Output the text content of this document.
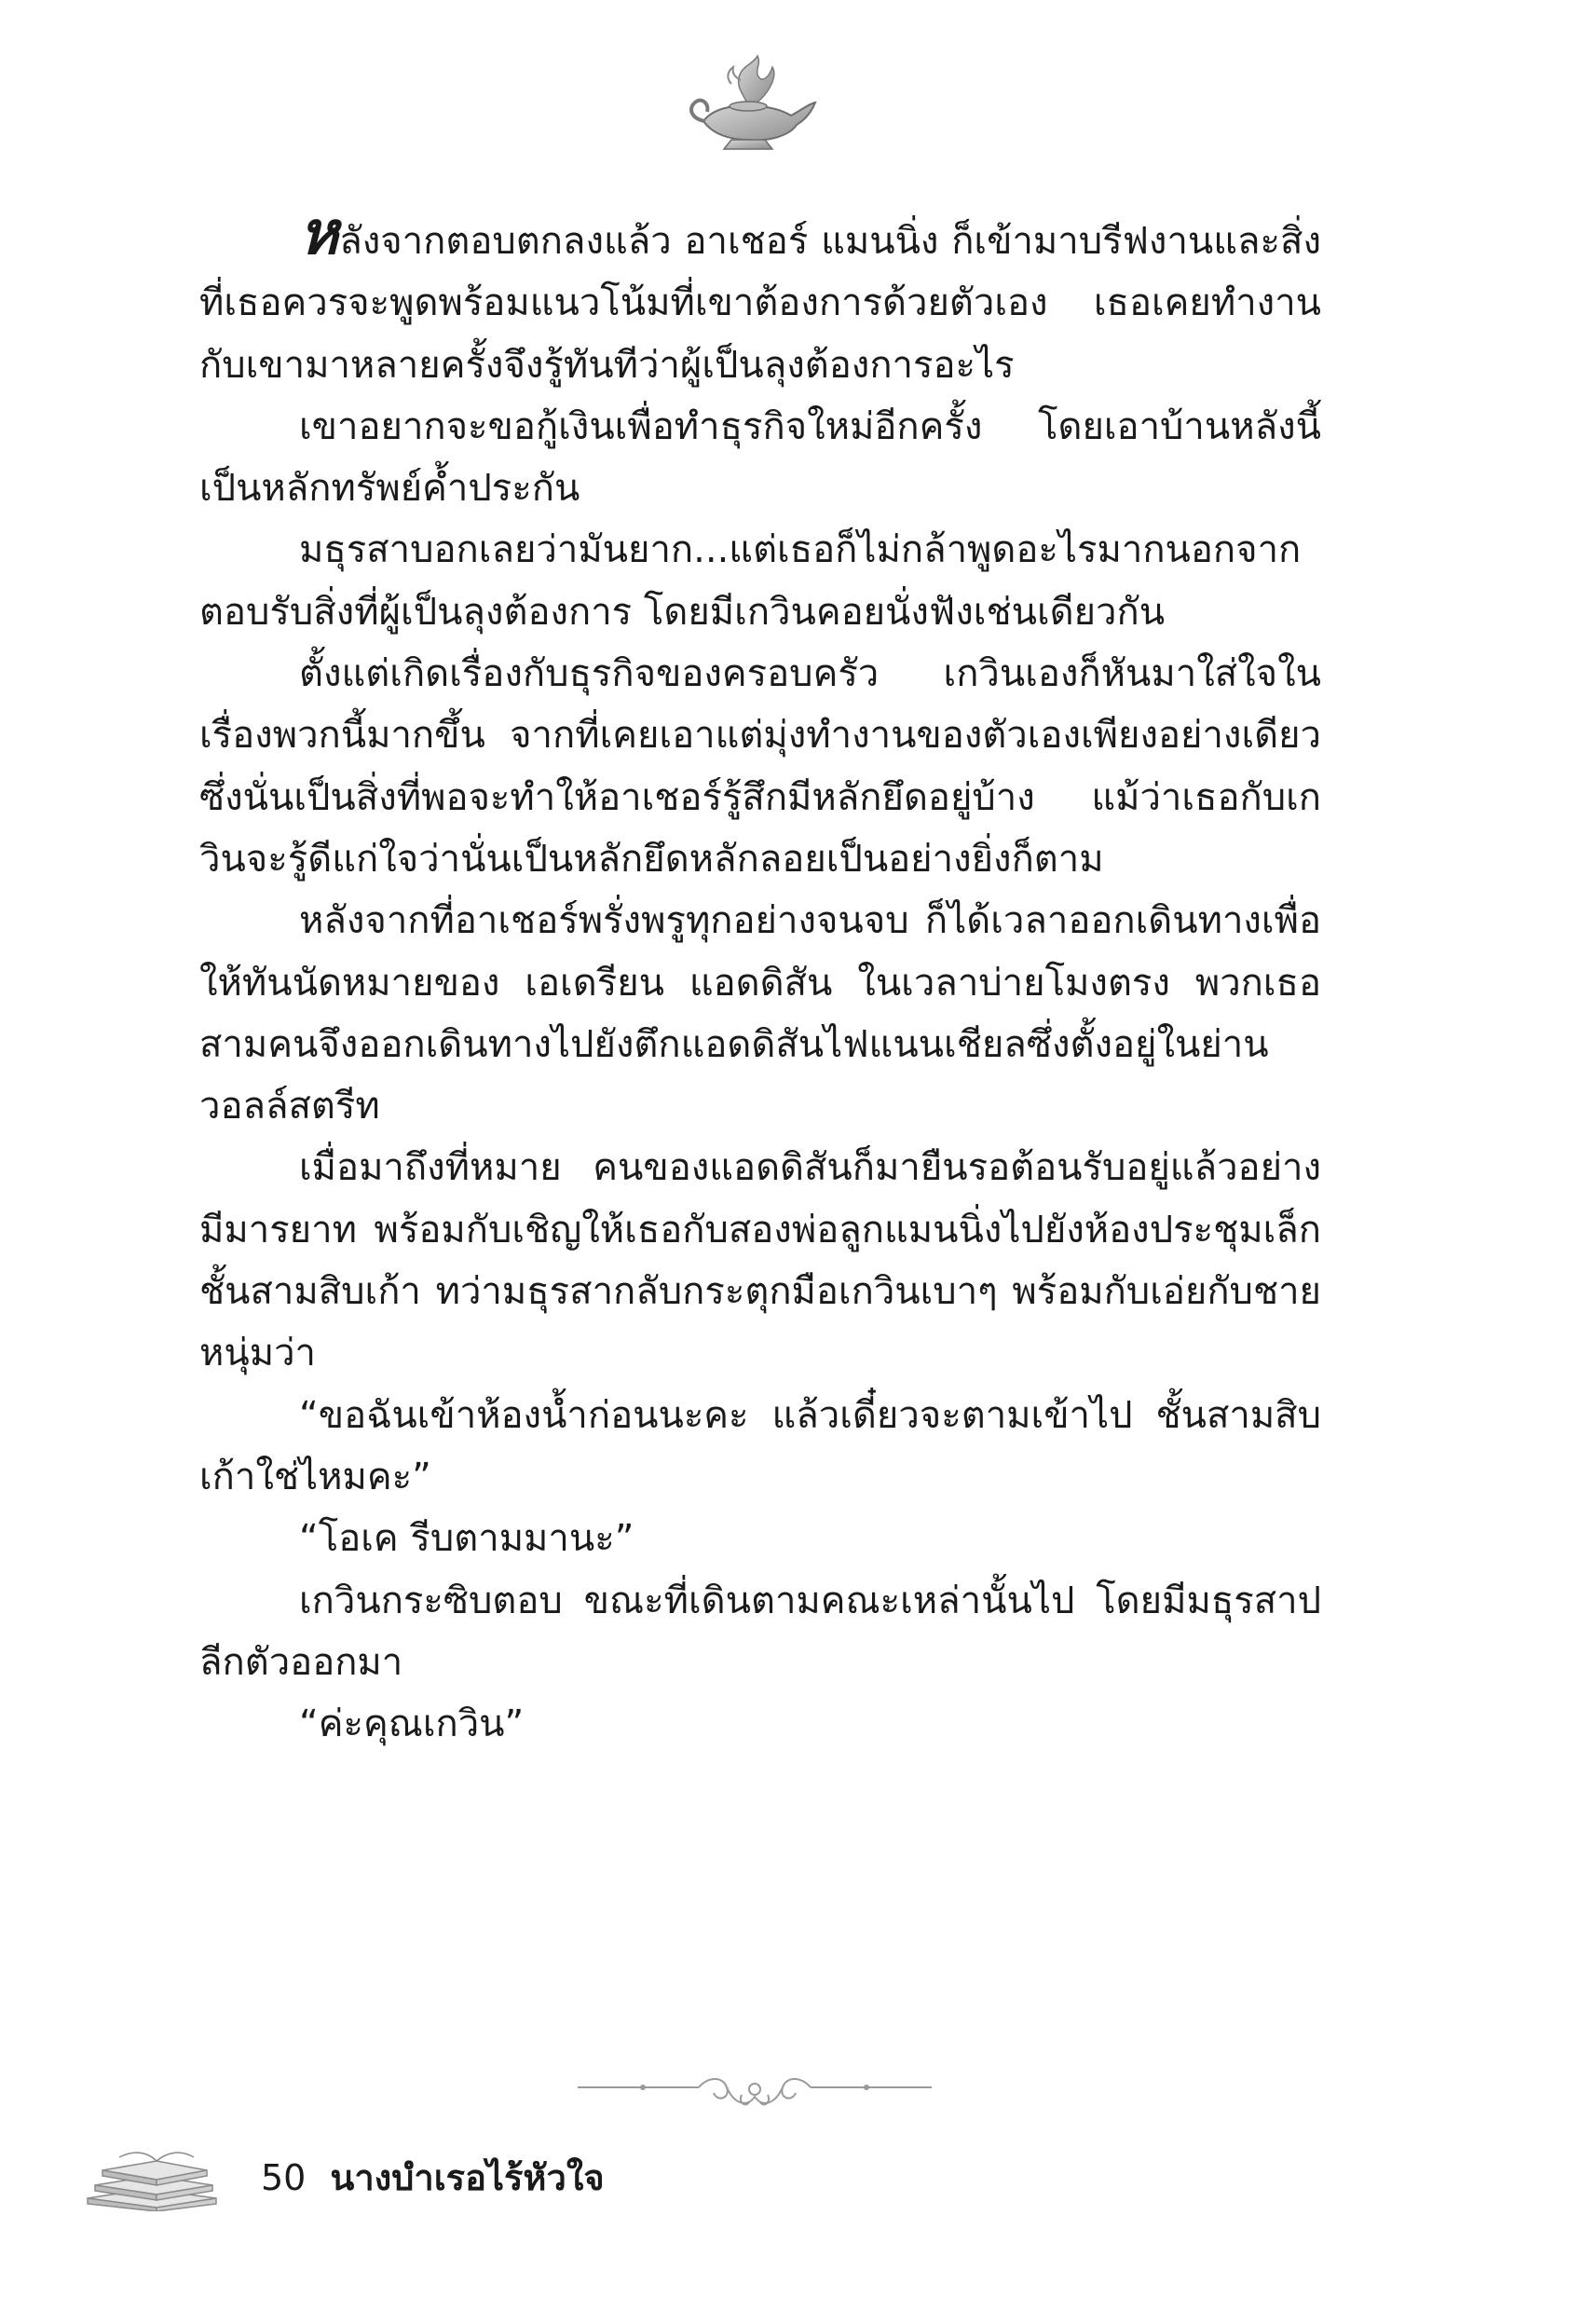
หลังจากตอบตกลงแล้ว อาเชอร์ แมนนิ่ง ก็เข้ามาบรีฟงานและสิ่งที่เธอควรจะพูดพร้อมแนวโน้มที่เขาต้องการด้วยตัวเอง เธอเคยทำงานกับเขามาหลายครั้งจึงรู้ทันทีว่าผู้เป็นลุงต้องการอะไร

เขาอยากจะขอกู้เงินเพื่อทำธุรกิจใหม่อีกครั้ง โดยเอาบ้านหลังนี้เป็นหลักทรัพย์ค้ำประกัน

มธุรสาบอกเลยว่ามันยาก...แต่เธอก็ไม่กล้าพูดอะไรมากนอกจากตอบรับสิ่งที่ผู้เป็นลุงต้องการ โดยมีเกวินคอยนั่งฟังเช่นเดียวกัน

ตั้งแต่เกิดเรื่องกับธุรกิจของครอบครัว เกวินเองก็หันมาใส่ใจในเรื่องพวกนี้มากขึ้น จากที่เคยเอาแต่มุ่งทำงานของตัวเองเพียงอย่างเดียว ซึ่งนั่นเป็นสิ่งที่พอจะทำให้อาเชอร์รู้สึกมีหลักยึดอยู่บ้าง แม้ว่าเธอกับเกวินจะรู้ดีแก่ใจว่านั่นเป็นหลักยึดหลักลอยเป็นอย่างยิ่งก็ตาม

หลังจากที่อาเชอร์พรั่งพรูทุกอย่างจนจบ ก็ได้เวลาออกเดินทางเพื่อให้ทันนัดหมายของ เอเดรียน แอดดิสัน ในเวลาบ่ายโมงตรง พวกเธอสามคนจึงออกเดินทางไปยังตึกแอดดิสันไฟแนนเชียลซึ่งตั้งอยู่ในย่านวอลล์สตรีท

เมื่อมาถึงที่หมาย คนของแอดดิสันก็มายืนรอต้อนรับอยู่แล้วอย่างมีมารยาท พร้อมกับเชิญให้เธอกับสองพ่อลูกแมนนิ่งไปยังห้องประชุมเล็กชั้นสามสิบเก้า ทว่ามธุรสากลับกระตุกมือเกวินเบาๆ พร้อมกับเอ่ยกับชายหนุ่มว่า

“ขอฉันเข้าห้องน้ำก่อนนะคะ แล้วเดี๋ยวจะตามเข้าไป ชั้นสามสิบเก้าใช่ไหมคะ”

“โอเค รีบตามมานะ”

เกวินกระซิบตอบ ขณะที่เดินตามคณะเหล่านั้นไป โดยมีมธุรสาปลีกตัวออกมา

“ค่ะคุณเกวิน”

50 นางบำเรอไร้หัวใจ
